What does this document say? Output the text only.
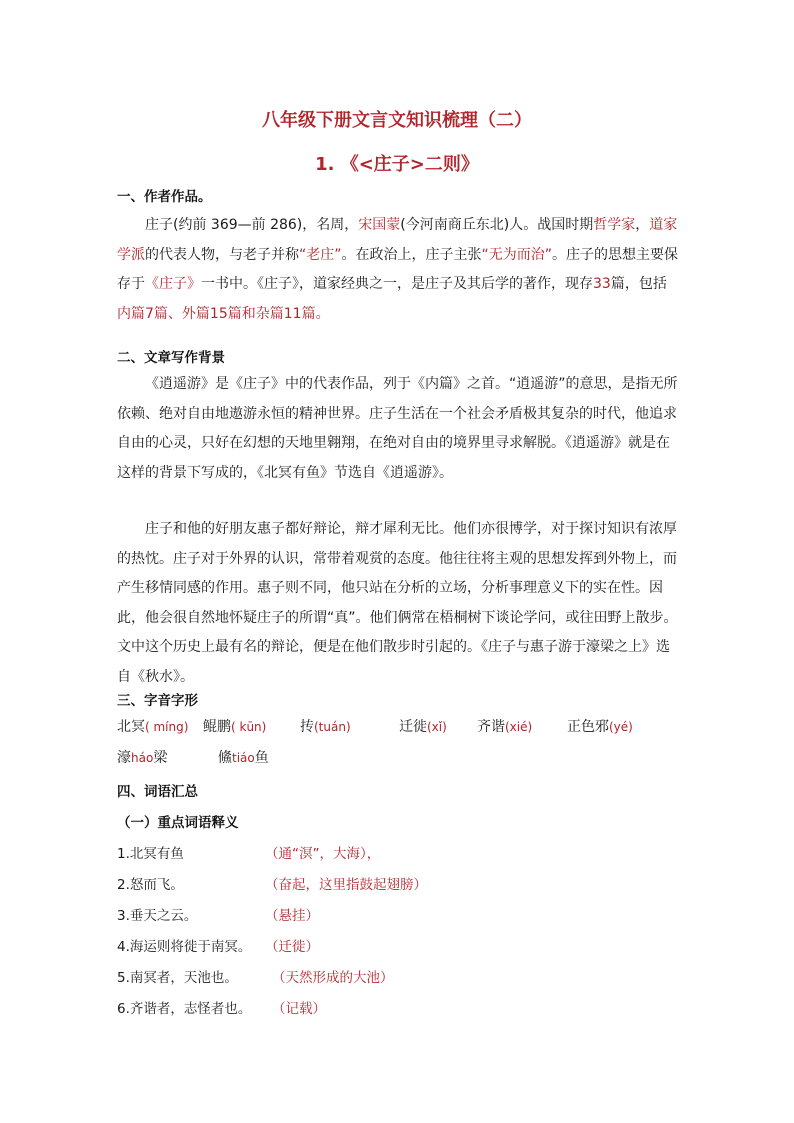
八年级下册文言文知识梳理（二）
1. 《<庄子>二则》
一、作者作品。

庄子(约前 369—前 286)，名周，宋国蒙(今河南商丘东北)人。战国时期哲学家，道家学派的代表人物，与老子并称“老庄”。在政治上，庄子主张“无为而治”。庄子的思想主要保存于《庄子》一书中。《庄子》，道家经典之一，是庄子及其后学的著作，现存33篇，包括内篇7篇、外篇15篇和杂篇11篇。

二、文章写作背景

《逍遥游》是《庄子》中的代表作品，列于《内篇》之首。“逍遥游”的意思，是指无所依赖、绝对自由地遨游永恒的精神世界。庄子生活在一个社会矛盾极其复杂的时代，他追求自由的心灵，只好在幻想的天地里翱翔，在绝对自由的境界里寻求解脱。《逍遥游》就是在这样的背景下写成的，《北冥有鱼》节选自《逍遥游》。

庄子和他的好朋友惠子都好辩论，辩才犀利无比。他们亦很博学，对于探讨知识有浓厚的热忱。庄子对于外界的认识，常带着观赏的态度。他往往将主观的思想发挥到外物上，而产生移情同感的作用。惠子则不同，他只站在分析的立场，分析事理意义下的实在性。因此，他会很自然地怀疑庄子的所谓“真”。他们俩常在梧桐树下谈论学问，或往田野上散步。文中这个历史上最有名的辩论，便是在他们散步时引起的。《庄子与惠子游于濠梁之上》选自《秋水》。

三、字音字形
北冥( míng) 鲲鹏( kūn) 抟(tuán)	迁徙(xǐ) 齐谐(xié) 正色邪(yé)
濠háo梁	鯈tiáo鱼
四、词语汇总
（一）重点词语释义
1.北冥有鱼	（通“溟”，大海），
2.怒而飞。	（奋起，这里指鼓起翅膀）
3.垂天之云。	（悬挂）
4.海运则将徙于南冥。 （迁徙）
5.南冥者，天池也。	（天然形成的大池）
6.齐谐者，志怪者也。 （记载）
